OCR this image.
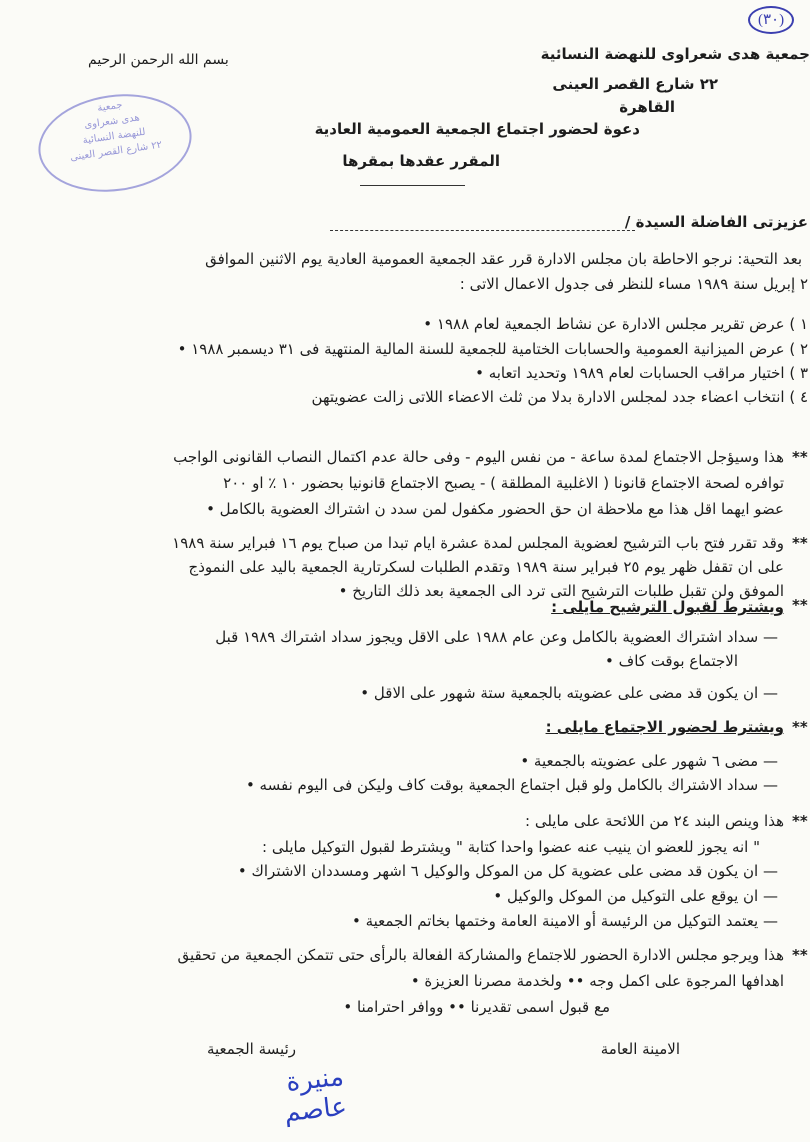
(٣٠)
جمعية هدى شعراوى للنهضة النسائية
٢٢ شارع القصر العينى
القاهرة
بسم الله الرحمن الرحيم
جمعية
هدى شعراوى
للنهضة النسائية
٢٢ شارع القصر العينى
دعوة لحضور اجتماع الجمعية العمومية العادية
المقرر عقدها بمقرها
عزيزتى الفاضلة السيدة /
بعد التحية: نرجو الاحاطة بان مجلس الادارة قرر عقد الجمعية العمومية العادية يوم الاثنين الموافق
٢ إبريل سنة ١٩٨٩ مساء للنظر فى جدول الاعمال الاتى :
١ ) عرض تقرير مجلس الادارة عن نشاط الجمعية لعام ١٩٨٨ •
٢ ) عرض الميزانية العمومية والحسابات الختامية للجمعية للسنة المالية المنتهية فى ٣١ ديسمبر ١٩٨٨ •
٣ ) اختيار مراقب الحسابات لعام ١٩٨٩ وتحديد اتعابه •
٤ ) انتخاب اعضاء جدد لمجلس الادارة بدلا من ثلث الاعضاء اللاتى زالت عضويتهن
**
هذا وسيؤجل الاجتماع لمدة ساعة - من نفس اليوم - وفى حالة عدم اكتمال النصاب القانونى الواجب
توافره لصحة الاجتماع قانونا ( الاغلبية المطلقة ) - يصبح الاجتماع قانونيا بحضور ١٠ ٪ او ٢٠٠
عضو ايهما اقل هذا مع ملاحظة ان حق الحضور مكفول لمن سدد ن اشتراك العضوية بالكامل •
**
وقد تقرر فتح باب الترشيح لعضوية المجلس لمدة عشرة ايام تبدا من صباح يوم ١٦ فبراير سنة ١٩٨٩
على ان تقفل ظهر يوم ٢٥ فبراير سنة ١٩٨٩ وتقدم الطلبات لسكرتارية الجمعية باليد على النموذج
الموفق ولن تقبل طلبات الترشيح التى ترد الى الجمعية بعد ذلك التاريخ •
**
ويشترط لقبول الترشيح مايلى :
— سداد اشتراك العضوية بالكامل وعن عام ١٩٨٨ على الاقل ويجوز سداد اشتراك ١٩٨٩ قبل
الاجتماع بوقت كاف •
— ان يكون قد مضى على عضويته بالجمعية ستة شهور على الاقل •
**
ويشترط لحضور الاجتماع مايلى :
— مضى ٦ شهور على عضويته بالجمعية •
— سداد الاشتراك بالكامل ولو قبل اجتماع الجمعية بوقت كاف وليكن فى اليوم نفسه •
**
هذا وينص البند ٢٤ من اللائحة على مايلى :
" انه يجوز للعضو ان ينيب عنه عضوا واحدا كتابة " ويشترط لقبول التوكيل مايلى :
— ان يكون قد مضى على عضوية كل من الموكل والوكيل ٦ اشهر ومسددان الاشتراك •
— ان يوقع على التوكيل من الموكل والوكيل •
— يعتمد التوكيل من الرئيسة أو الامينة العامة وختمها بخاتم الجمعية •
**
هذا ويرجو مجلس الادارة الحضور للاجتماع والمشاركة الفعالة بالرأى حتى تتمكن الجمعية من تحقيق
اهدافها المرجوة على اكمل وجه •• ولخدمة مصرنا العزيزة •
مع قبول اسمى تقديرنا •• ووافر احترامنا •
الامينة العامة
رئيسة الجمعية
منيرة عاصم
